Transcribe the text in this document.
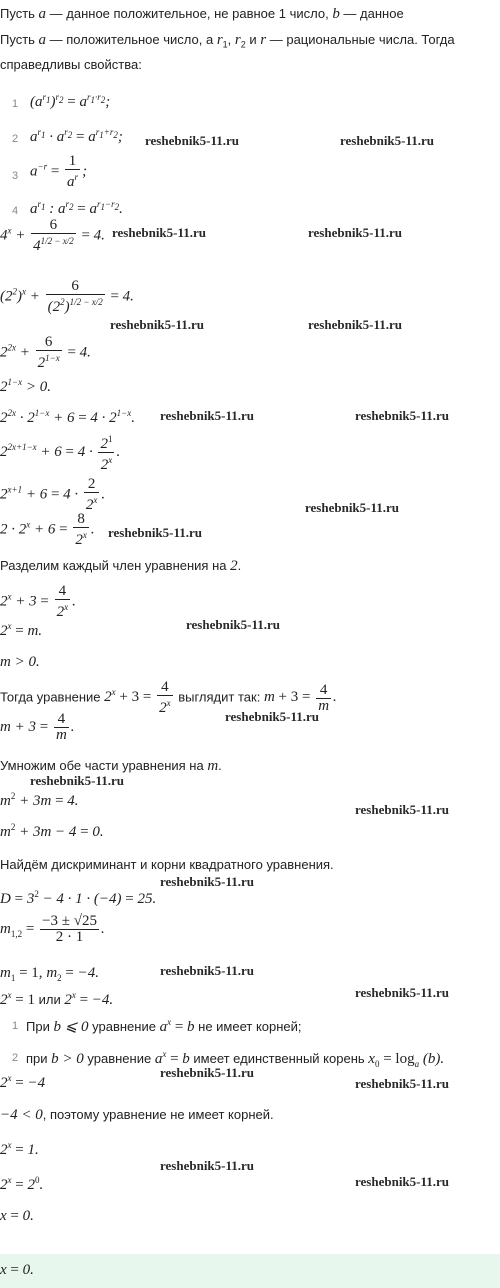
Пусть a — данное положительное, не равное 1 число, b — данное
Пусть a — положительное число, а $r_1$, $r_2$ и r — рациональные числа. Тогда
справедливы свойства:
1 $(a^{r_1})^{r_2} = a^{r_1\cdot r_2}$;
2 $a^{r_1} \cdot a^{r_2} = a^{r_1+r_2}$; reshebnik5-11.ru	reshebnik5-11.ru
3 $a^{-r} = \frac{1}{a^r}$ ;
4 $a^{r_1}$ : $a^{r_2} = a^{r_1-r_2}$.
$4^x + \frac{6}{4^{1/2 - x/2}} = 4$. reshebnik5-11.ru	reshebnik5-11.ru
$(2^2)^x + \frac{6}{(2^2)^{1/2 - x/2}} = 4$.
reshebnik5-11.ru	reshebnik5-11.ru
$2^{2x} + \frac{6}{2^{1-x}} = 4$.
$2^{1-x} > 0$.
$2^{2x} \cdot 2^{1-x} + 6 = 4 \cdot 2^{1-x}$. reshebnik5-11.ru	reshebnik5-11.ru
$2^{2x+1-x} + 6 = 4 \cdot \frac{2^1}{2^x}$ .
$2^{x+1} + 6 = 4 \cdot \frac{2}{2^x}$ .
reshebnik5-11.ru
$2 \cdot 2^x + 6 = \frac{8}{2^x}$ . reshebnik5-11.ru
Разделим каждый член уравнения на 2.
$2^x + 3 = \frac{4}{2^x}$ .
$2^x = m$.	reshebnik5-11.ru
m > 0.
Тогда уравнение $2^x + 3 = \frac{4}{2^x}$ выглядит так: $m + 3 = \frac{4}{m}$ .
reshebnik5-11.ru
$m + 3 = \frac{4}{m}$ .
Умножим обе части уравнения на m.
reshebnik5-11.ru
$m^2 + 3m = 4$.
reshebnik5-11.ru
$m^2 + 3m - 4 = 0$.
Найдём дискриминант и корни квадратного уравнения.
reshebnik5-11.ru
$D = 3^2 - 4 \cdot 1 \cdot (-4) = 25$.
$m_{1,2} = \frac{-3 \pm √25}{2 \cdot 1}$ .
$m_1 = 1$, $m_2 = -4$.	reshebnik5-11.ru
$2^x = 1$ или $2^x = -4$.	reshebnik5-11.ru
1 При b ⩽ 0 уравнение $a^x = b$ не имеет корней;
2 при b > 0 уравнение $a^x = b$ имеет единственный корень $x_0 = \log_a (b)$.
$2^x = -4$
reshebnik5-11.ru
reshebnik5-11.ru
−4 < 0, поэтому уравнение не имеет корней.
$2^x = 1$.
reshebnik5-11.ru
$2^x = 2^0$.	reshebnik5-11.ru
x = 0.
x = 0.
